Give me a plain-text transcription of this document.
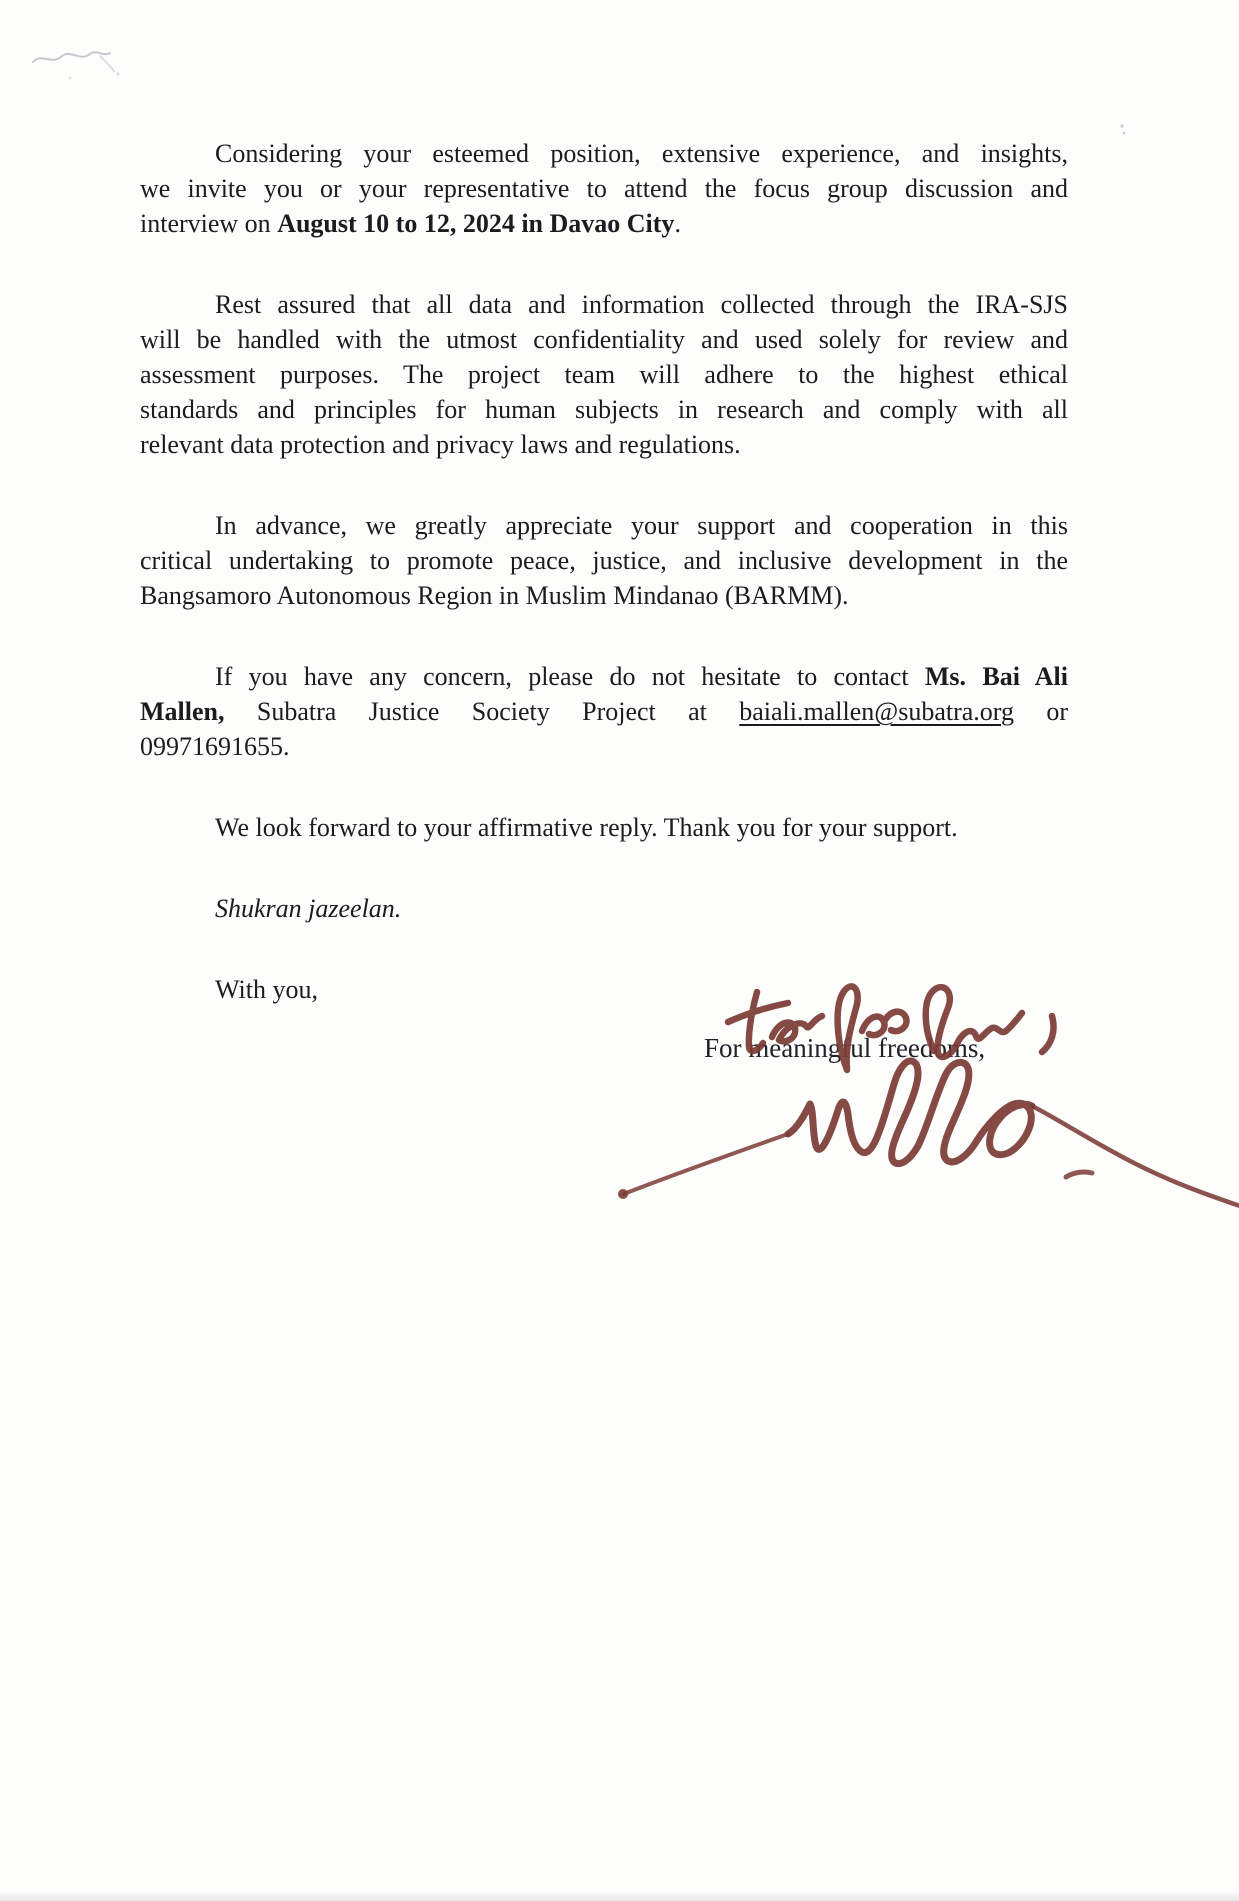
Considering your esteemed position, extensive experience, and insights,
we invite you or your representative to attend the focus group discussion and
interview on August 10 to 12, 2024 in Davao City.

Rest assured that all data and information collected through the IRA-SJS
will be handled with the utmost confidentiality and used solely for review and
assessment purposes. The project team will adhere to the highest ethical
standards and principles for human subjects in research and comply with all
relevant data protection and privacy laws and regulations.

In advance, we greatly appreciate your support and cooperation in this
critical undertaking to promote peace, justice, and inclusive development in the
Bangsamoro Autonomous Region in Muslim Mindanao (BARMM).

If you have any concern, please do not hesitate to contact Ms. Bai Ali
Mallen, Subatra Justice Society Project at baiali.mallen@subatra.org or
09971691655.

We look forward to your affirmative reply. Thank you for your support.

Shukran jazeelan.

With you,

For meaningful freedoms,
